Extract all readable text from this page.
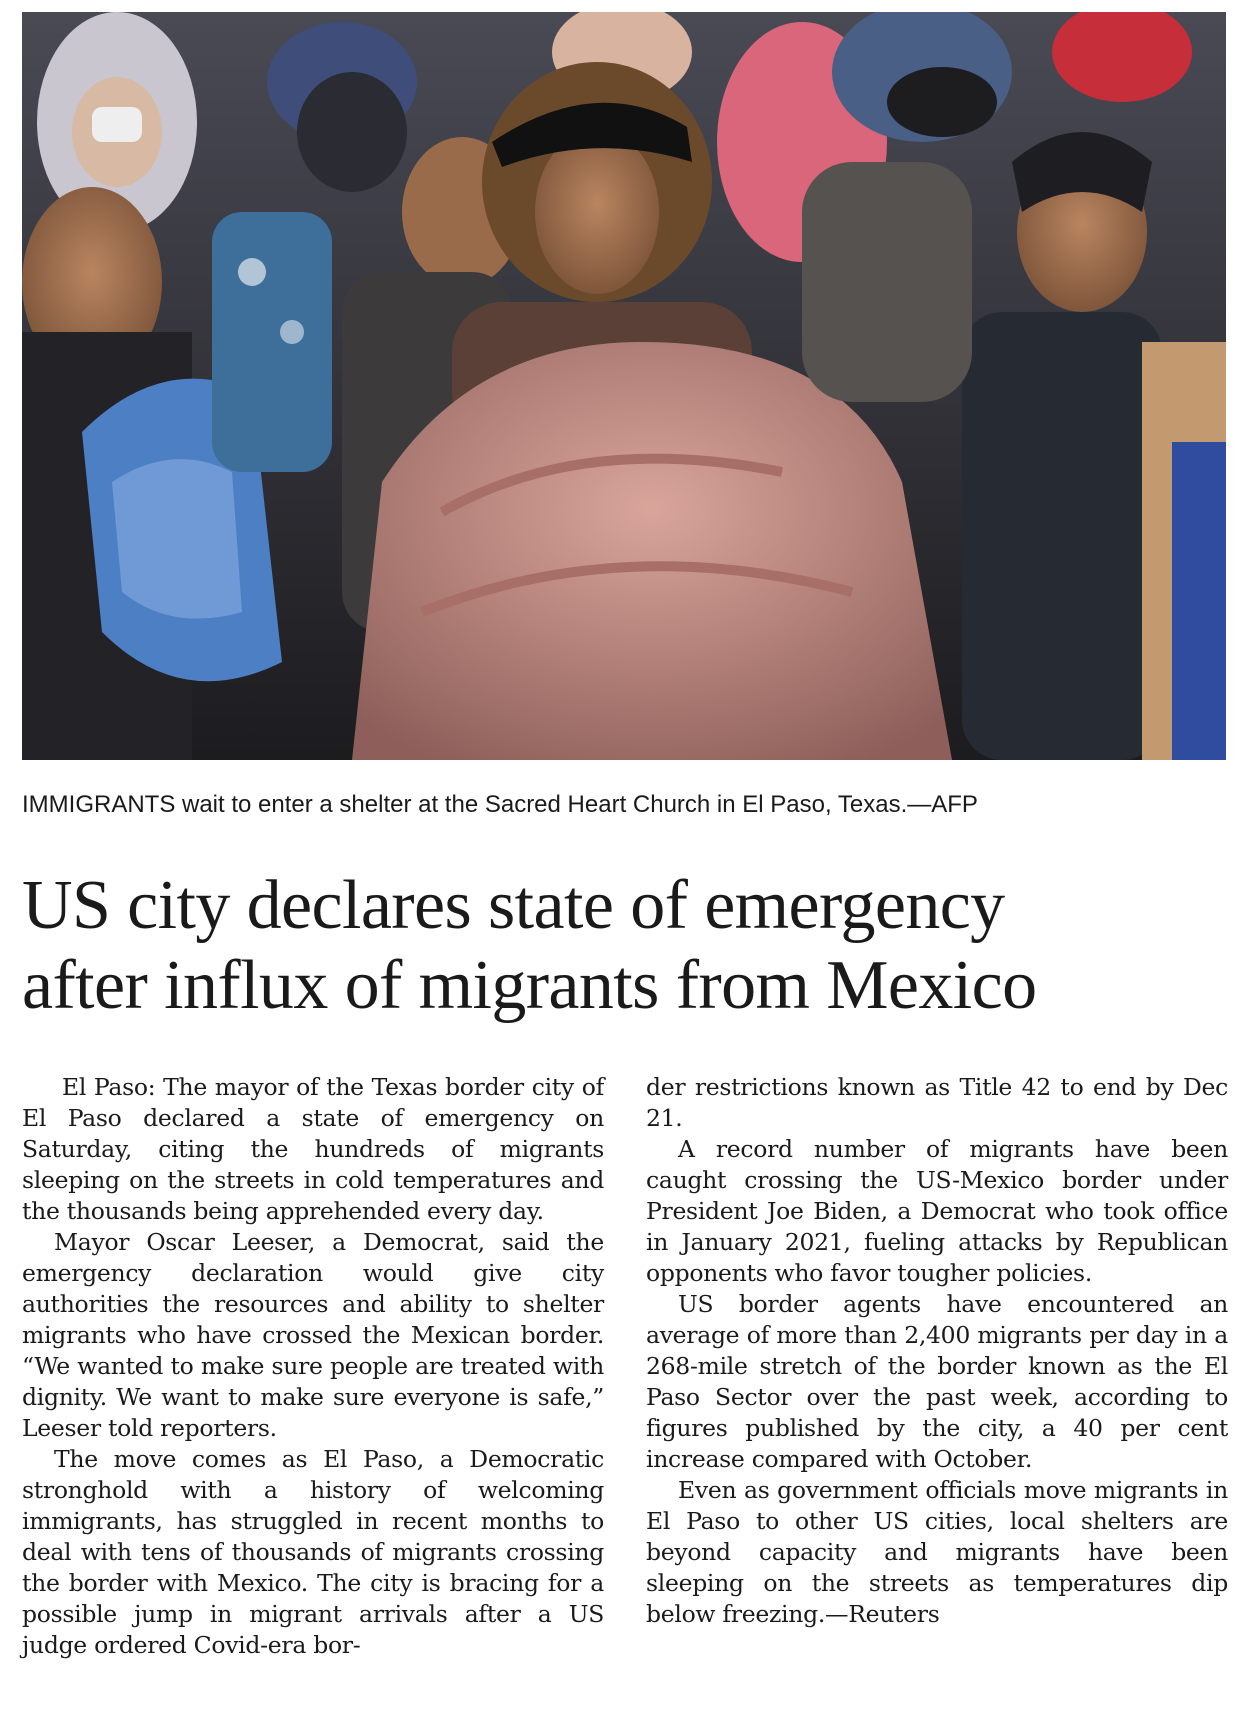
IMMIGRANTS wait to enter a shelter at the Sacred Heart Church in El Paso, Texas.—AFP
US city declares state of emergency
after influx of migrants from Mexico

El Paso: The mayor of the Texas border city of El Paso declared a state of emergency on Saturday, citing the hundreds of migrants sleeping on the streets in cold temperatures and the thousands being apprehended every day.

Mayor Oscar Leeser, a Democrat, said the emergency declaration would give city authorities the resources and ability to shelter migrants who have crossed the Mexican border. “We wanted to make sure people are treated with dignity. We want to make sure everyone is safe,” Leeser told reporters.

The move comes as El Paso, a Democratic stronghold with a history of welcoming immigrants, has struggled in recent months to deal with tens of thousands of migrants crossing the border with Mexico. The city is bracing for a possible jump in migrant arrivals after a US judge ordered Covid-era bor-

der restrictions known as Title 42 to end by Dec 21.

A record number of migrants have been caught crossing the US-Mexico border under President Joe Biden, a Democrat who took office in January 2021, fueling attacks by Republican opponents who favor tougher policies.

US border agents have encountered an average of more than 2,400 migrants per day in a 268-mile stretch of the border known as the El Paso Sector over the past week, according to figures published by the city, a 40 per cent increase compared with October.

Even as government officials move migrants in El Paso to other US cities, local shelters are beyond capacity and migrants have been sleeping on the streets as temperatures dip below freezing.—Reuters
